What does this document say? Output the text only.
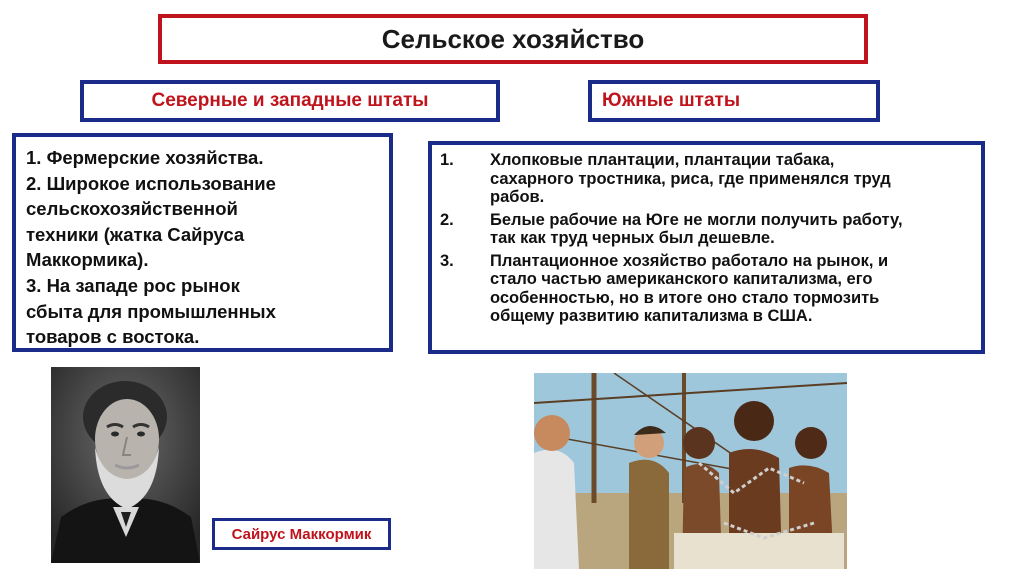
Сельское хозяйство
Северные и западные штаты	Южные штаты

1. Фермерские хозяйства.

2. Широкое использование

сельскохозяйственной

техники (жатка Сайруса

Маккормика).

3. На западе рос рынок

сбыта для промышленных

товаров с востока.

1.	Хлопковые плантации, плантации табака,
сахарного тростника, риса, где применялся труд
рабов.
2.	Белые рабочие на Юге не могли получить работу,
так как труд черных был дешевле.
3.	Плантационное хозяйство работало на рынок, и
стало частью американского капитализма, его
особенностью, но в итоге оно стало тормозить
общему развитию капитализма в США.
Сайрус Маккормик
